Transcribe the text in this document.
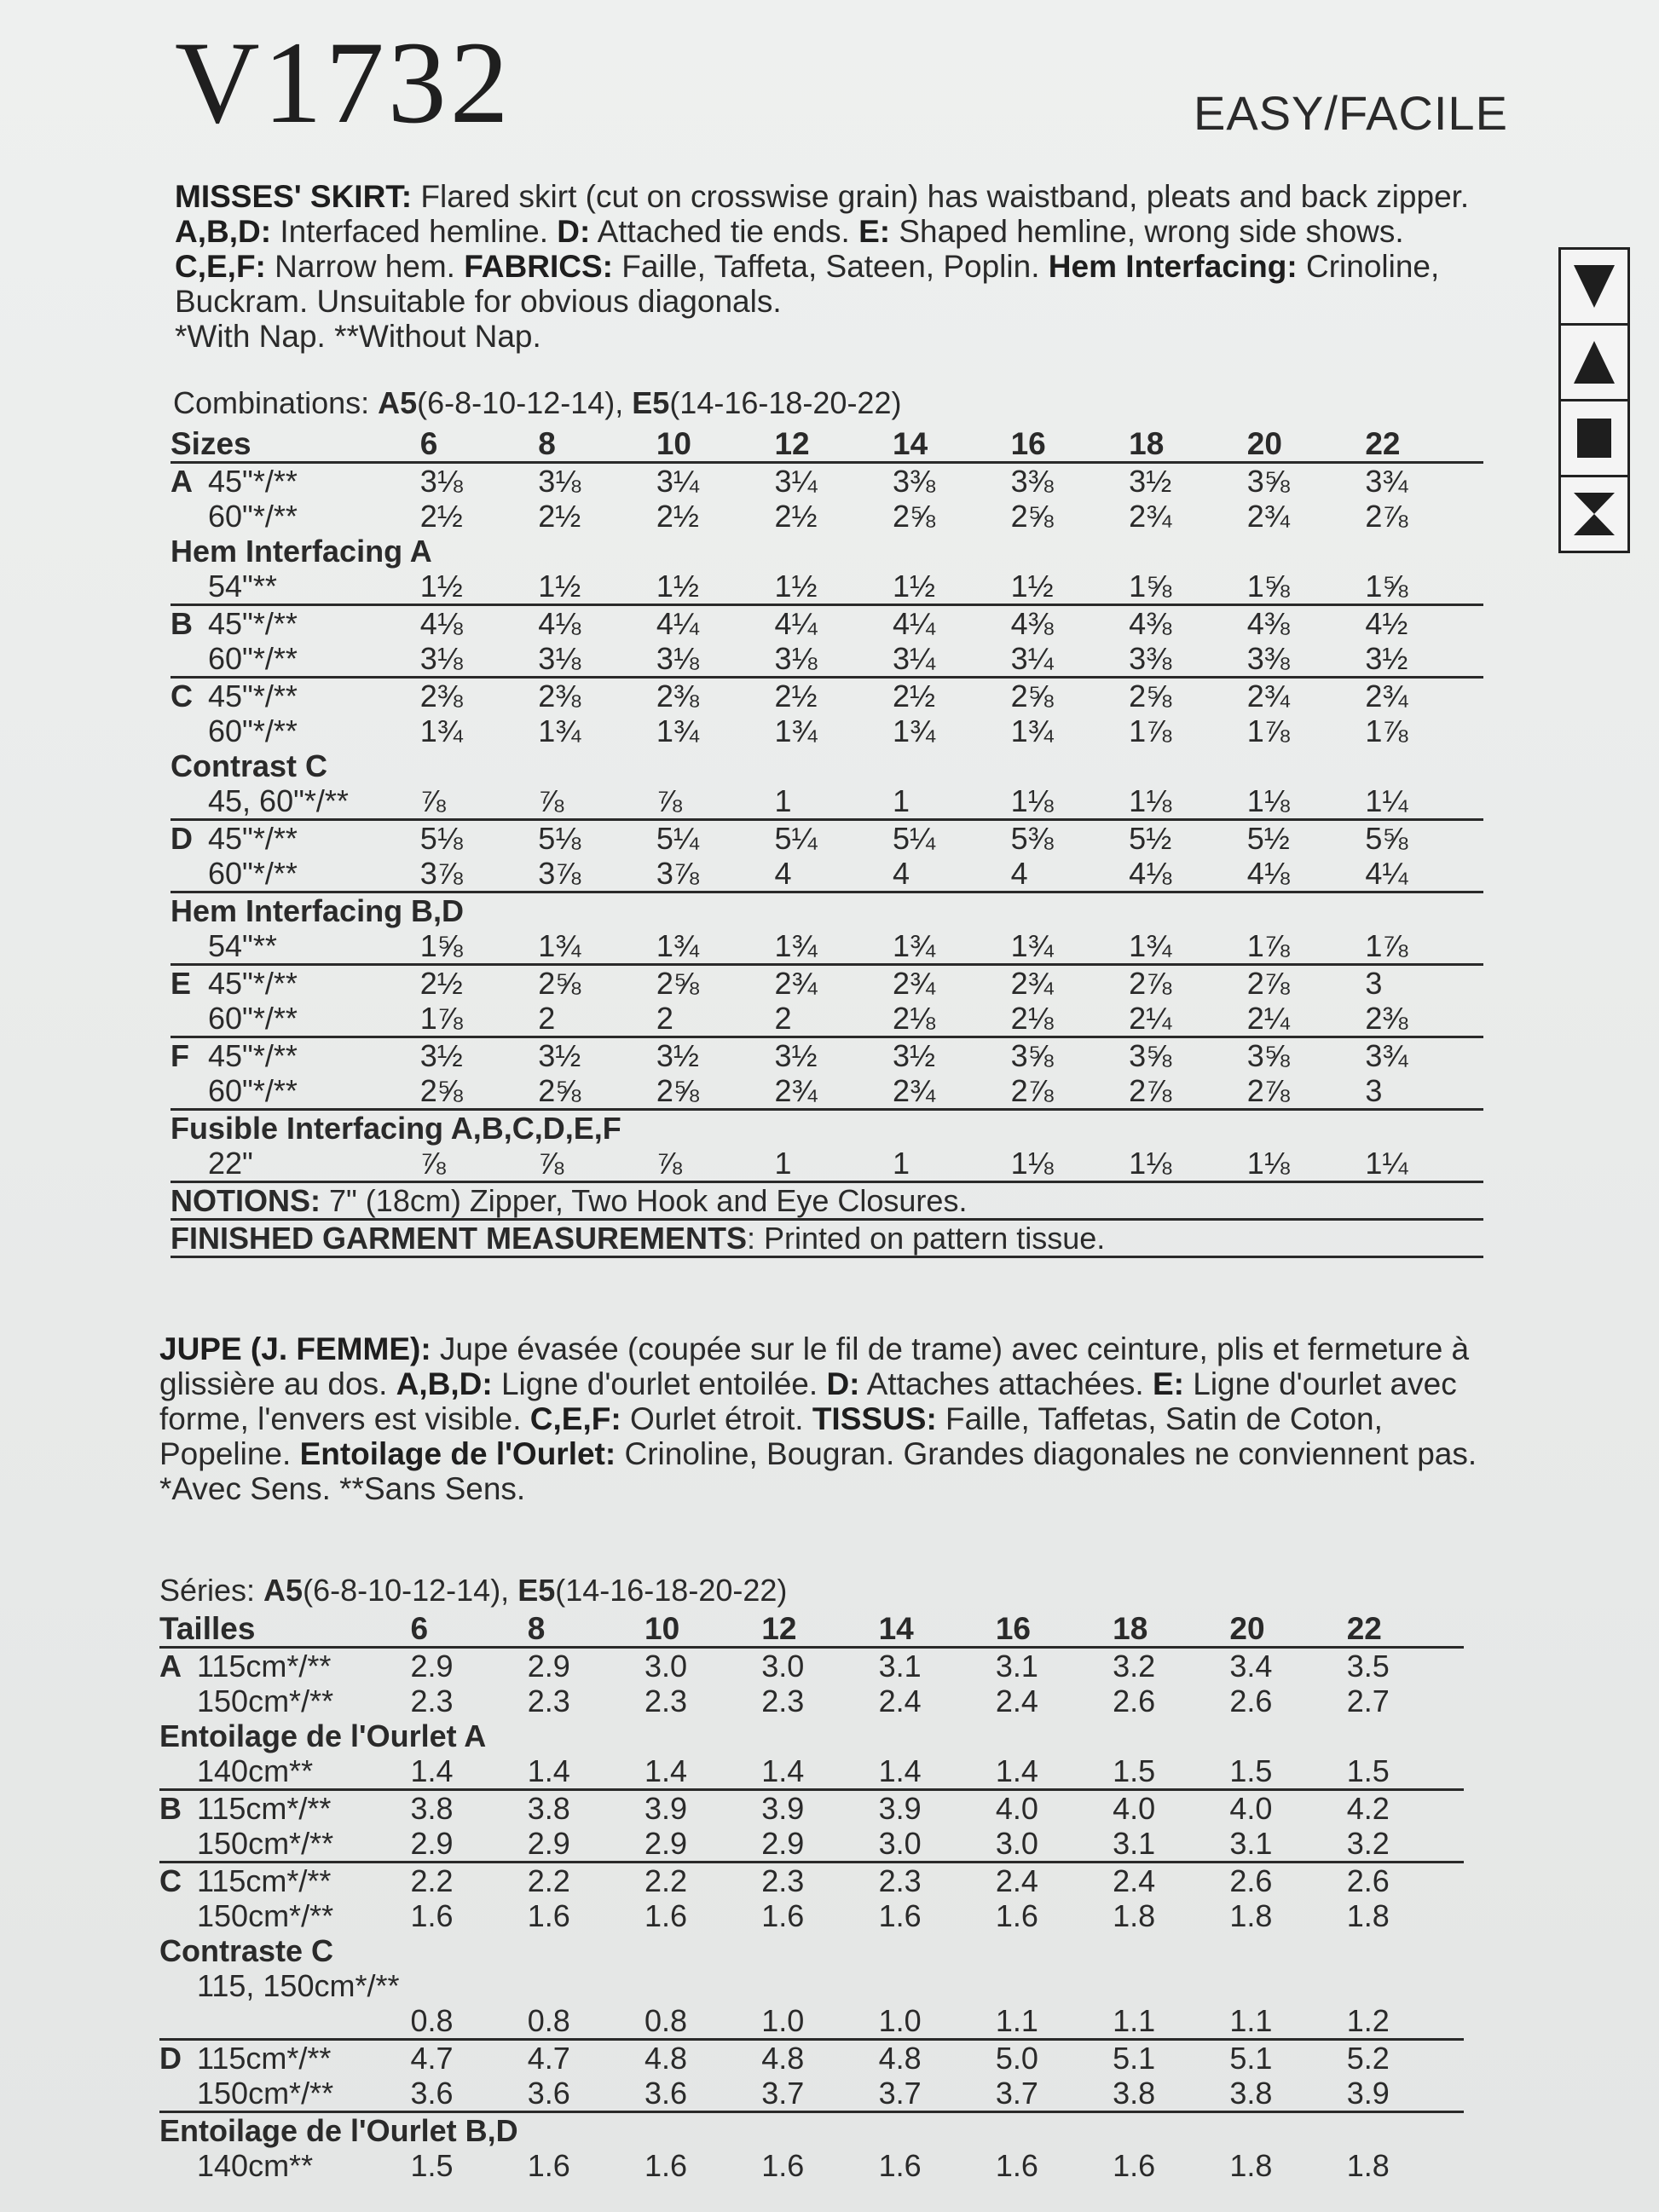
V1732	EASY/FACILE
MISSES' SKIRT: Flared skirt (cut on crosswise grain) has waistband, pleats and back zipper. A,B,D: Interfaced hemline. D: Attached tie ends. E: Shaped hemline, wrong side shows. C,E,F: Narrow hem. FABRICS: Faille, Taffeta, Sateen, Poplin. Hem Interfacing: Crinoline, Buckram. Unsuitable for obvious diagonals.
*With Nap. **Without Nap.
Combinations: A5(6-8-10-12-14), E5(14-16-18-20-22)
Sizes	6	8	10	12	14	16	18	20	22
A 45"*/**	3⅛	3⅛	3¼	3¼	3⅜	3⅜	3½	3⅝	3¾
60"*/**	2½	2½	2½	2½	2⅝	2⅝	2¾	2¾	2⅞
Hem Interfacing A									
54"**	1½	1½	1½	1½	1½	1½	1⅝	1⅝	1⅝
B 45"*/**	4⅛	4⅛	4¼	4¼	4¼	4⅜	4⅜	4⅜	4½
60"*/**	3⅛	3⅛	3⅛	3⅛	3¼	3¼	3⅜	3⅜	3½
C 45"*/**	2⅜	2⅜	2⅜	2½	2½	2⅝	2⅝	2¾	2¾
60"*/**	1¾	1¾	1¾	1¾	1¾	1¾	1⅞	1⅞	1⅞
Contrast C									
45, 60"*/**	⅞	⅞	⅞	1	1	1⅛	1⅛	1⅛	1¼
D 45"*/**	5⅛	5⅛	5¼	5¼	5¼	5⅜	5½	5½	5⅝
60"*/**	3⅞	3⅞	3⅞	4	4	4	4⅛	4⅛	4¼
Hem Interfacing B,D									
54"**	1⅝	1¾	1¾	1¾	1¾	1¾	1¾	1⅞	1⅞
E 45"*/**	2½	2⅝	2⅝	2¾	2¾	2¾	2⅞	2⅞	3
60"*/**	1⅞	2	2	2	2⅛	2⅛	2¼	2¼	2⅜
F 45"*/**	3½	3½	3½	3½	3½	3⅝	3⅝	3⅝	3¾
60"*/**	2⅝	2⅝	2⅝	2¾	2¾	2⅞	2⅞	2⅞	3
Fusible Interfacing A,B,C,D,E,F									
22"	⅞	⅞	⅞	1	1	1⅛	1⅛	1⅛	1¼
NOTIONS: 7" (18cm) Zipper, Two Hook and Eye Closures.									
FINISHED GARMENT MEASUREMENTS: Printed on pattern tissue.									
JUPE (J. FEMME): Jupe évasée (coupée sur le fil de trame) avec ceinture, plis et fermeture à glissière au dos. A,B,D: Ligne d'ourlet entoilée. D: Attaches attachées. E: Ligne d'ourlet avec forme, l'envers est visible. C,E,F: Ourlet étroit. TISSUS: Faille, Taffetas, Satin de Coton, Popeline. Entoilage de l'Ourlet: Crinoline, Bougran. Grandes diagonales ne conviennent pas.
*Avec Sens. **Sans Sens.
Séries: A5(6-8-10-12-14), E5(14-16-18-20-22)
Tailles	6	8	10	12	14	16	18	20	22
A 115cm*/**	2.9	2.9	3.0	3.0	3.1	3.1	3.2	3.4	3.5
150cm*/**	2.3	2.3	2.3	2.3	2.4	2.4	2.6	2.6	2.7
Entoilage de l'Ourlet A									
140cm**	1.4	1.4	1.4	1.4	1.4	1.4	1.5	1.5	1.5
B 115cm*/**	3.8	3.8	3.9	3.9	3.9	4.0	4.0	4.0	4.2
150cm*/**	2.9	2.9	2.9	2.9	3.0	3.0	3.1	3.1	3.2
C 115cm*/**	2.2	2.2	2.2	2.3	2.3	2.4	2.4	2.6	2.6
150cm*/**	1.6	1.6	1.6	1.6	1.6	1.6	1.8	1.8	1.8
Contraste C									
115, 150cm*/**									
	0.8	0.8	0.8	1.0	1.0	1.1	1.1	1.1	1.2
D 115cm*/**	4.7	4.7	4.8	4.8	4.8	5.0	5.1	5.1	5.2
150cm*/**	3.6	3.6	3.6	3.7	3.7	3.7	3.8	3.8	3.9
Entoilage de l'Ourlet B,D									
140cm**	1.5	1.6	1.6	1.6	1.6	1.6	1.6	1.8	1.8
